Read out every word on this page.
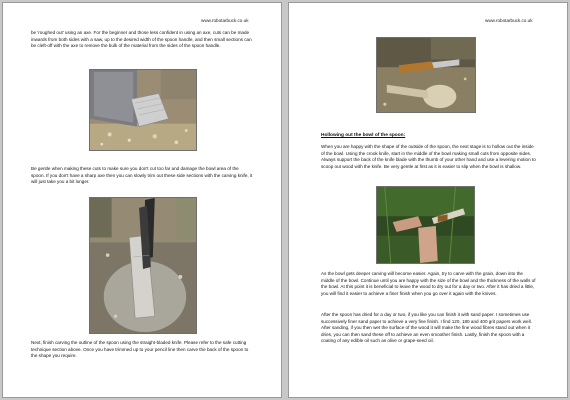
www.robotarbuck.co.uk

be 'roughed out' using an axe. For the beginner and those less confident in using an axe, cuts can be made inwards from both sides with a saw, up to the desired width of the spoon handle, and then small sections can be cleft-off with the axe to remove the bulk of the material from the sides of the spoon handle.

Be gentle when making these cuts to make sure you don't cut too far and damage the bowl area of the spoon. If you don't have a sharp axe then you can slowly trim out these side sections with the carving knife, it will just take you a bit longer.

Next, finish carving the outline of the spoon using the straight-bladed knife. Please refer to the safe cutting technique section above. Once you have trimmed up to your pencil line then carve the back of the spoon to the shape you require.

www.robotarbuck.co.uk
Hollowing out the bowl of the spoon:

When you are happy with the shape of the outside of the spoon, the next stage is to hollow out the inside of the bowl. Using the crook knife, start in the middle of the bowl making small cuts from opposite sides. Always support the back of the knife blade with the thumb of your other hand and use a levering motion to scoop out wood with the knife. Be very gentle at first as it is easier to slip when the bowl is shallow.

As the bowl gets deeper carving will become easier. Again, try to carve with the grain, down into the middle of the bowl. Continue until you are happy with the size of the bowl and the thickness of the walls of the bowl. At this point it is beneficial to leave the wood to dry out for a day or two. After it has dried a little, you will find it easier to achieve a finer finish when you go over it again with the knives.

After the spoon has dried for a day or two, if you like you can finish it with sand paper. I sometimes use successively finer sand paper to achieve a very fine finish. I find 120, 180 and 400 grit papers work well. After sanding, if you then wet the surface of the wood it will make the fine wood fibres stand out when it dries, you can then sand these off to achieve an even smoother finish. Lastly, finish the spoon with a coating of any edible oil such as olive or grape-seed oil.
